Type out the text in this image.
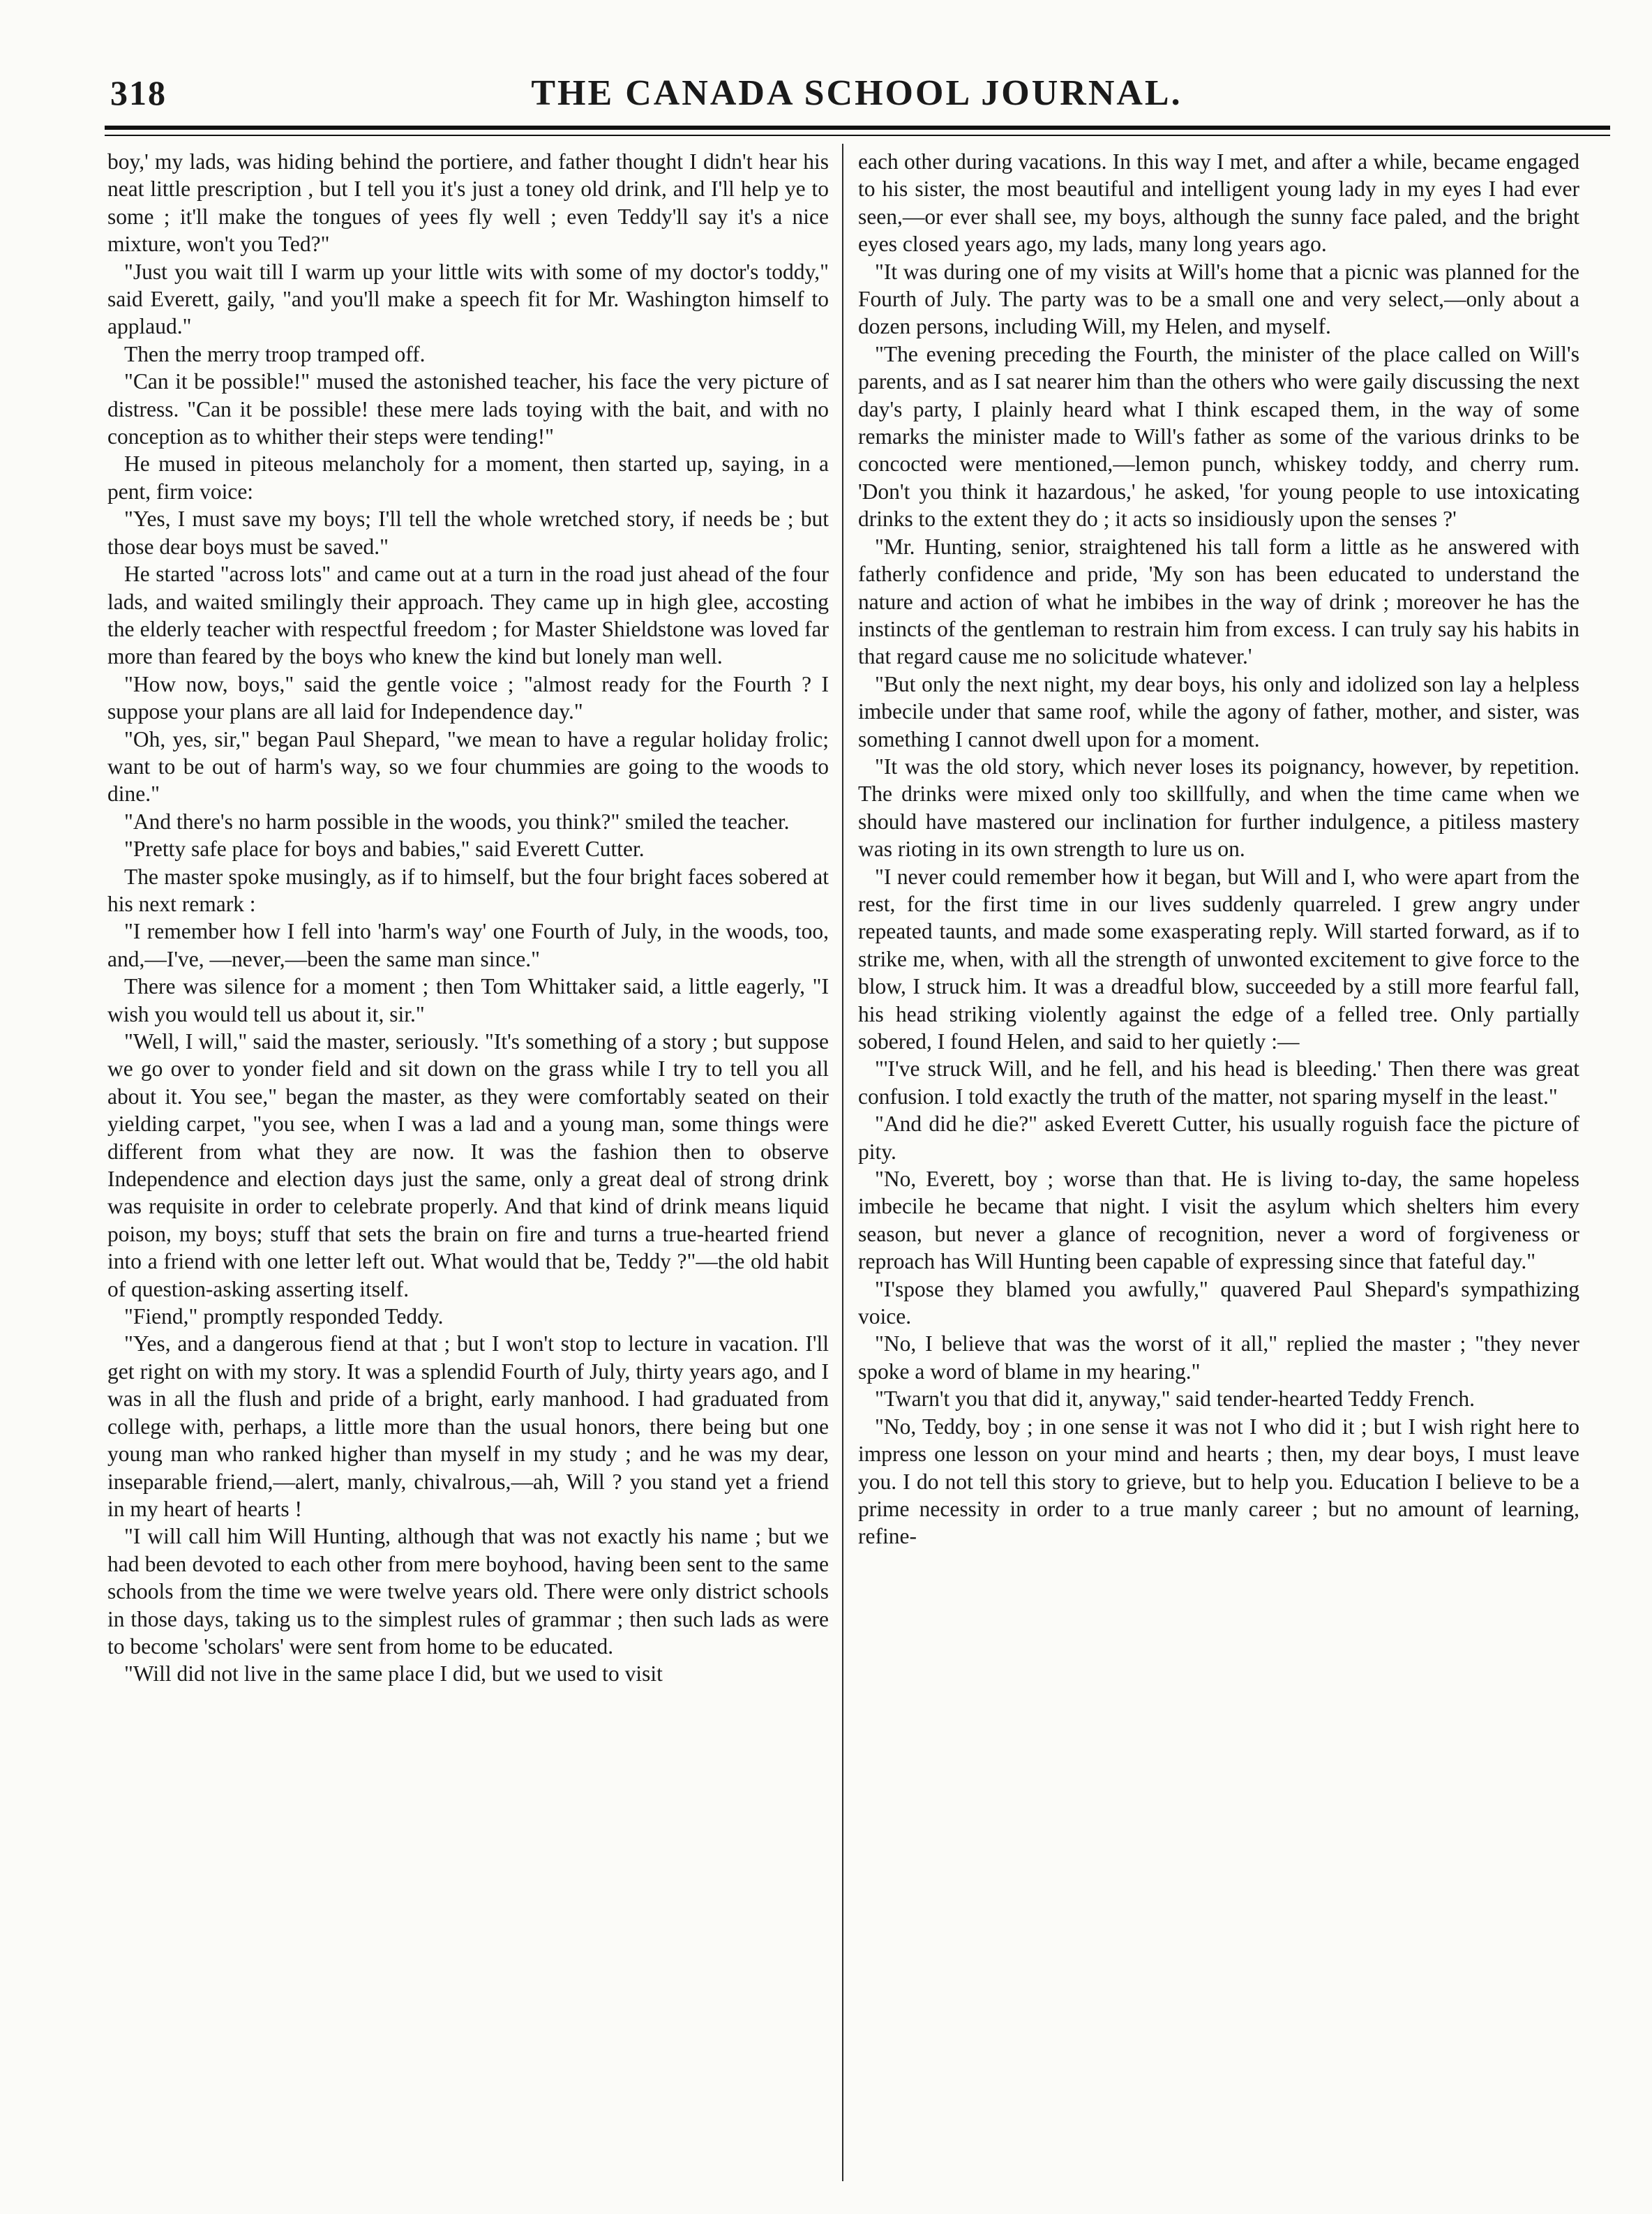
318	THE CANADA SCHOOL JOURNAL.

boy,' my lads, was hiding behind the portiere, and father thought I didn't hear his neat little prescription , but I tell you it's just a toney old drink, and I'll help ye to some ; it'll make the tongues of yees fly well ; even Teddy'll say it's a nice mixture, won't you Ted?"

"Just you wait till I warm up your little wits with some of my doctor's toddy," said Everett, gaily, "and you'll make a speech fit for Mr. Washington himself to applaud."

Then the merry troop tramped off.

"Can it be possible!" mused the astonished teacher, his face the very picture of distress. "Can it be possible! these mere lads toying with the bait, and with no conception as to whither their steps were tending!"

He mused in piteous melancholy for a moment, then started up, saying, in a pent, firm voice:

"Yes, I must save my boys; I'll tell the whole wretched story, if needs be ; but those dear boys must be saved."

He started "across lots" and came out at a turn in the road just ahead of the four lads, and waited smilingly their approach. They came up in high glee, accosting the elderly teacher with respectful freedom ; for Master Shieldstone was loved far more than feared by the boys who knew the kind but lonely man well.

"How now, boys," said the gentle voice ; "almost ready for the Fourth ? I suppose your plans are all laid for Independence day."

"Oh, yes, sir," began Paul Shepard, "we mean to have a regular holiday frolic; want to be out of harm's way, so we four chummies are going to the woods to dine."

"And there's no harm possible in the woods, you think?" smiled the teacher.

"Pretty safe place for boys and babies," said Everett Cutter.

The master spoke musingly, as if to himself, but the four bright faces sobered at his next remark :

"I remember how I fell into 'harm's way' one Fourth of July, in the woods, too, and,—I've, —never,—been the same man since."

There was silence for a moment ; then Tom Whittaker said, a little eagerly, "I wish you would tell us about it, sir."

"Well, I will," said the master, seriously. "It's something of a story ; but suppose we go over to yonder field and sit down on the grass while I try to tell you all about it. You see," began the master, as they were comfortably seated on their yielding carpet, "you see, when I was a lad and a young man, some things were different from what they are now. It was the fashion then to observe Independence and election days just the same, only a great deal of strong drink was requisite in order to celebrate properly. And that kind of drink means liquid poison, my boys; stuff that sets the brain on fire and turns a true-hearted friend into a friend with one letter left out. What would that be, Teddy ?"—the old habit of question-asking asserting itself.

"Fiend," promptly responded Teddy.

"Yes, and a dangerous fiend at that ; but I won't stop to lecture in vacation. I'll get right on with my story. It was a splendid Fourth of July, thirty years ago, and I was in all the flush and pride of a bright, early manhood. I had graduated from college with, perhaps, a little more than the usual honors, there being but one young man who ranked higher than myself in my study ; and he was my dear, inseparable friend,—alert, manly, chivalrous,—ah, Will ? you stand yet a friend in my heart of hearts !

"I will call him Will Hunting, although that was not exactly his name ; but we had been devoted to each other from mere boyhood, having been sent to the same schools from the time we were twelve years old. There were only district schools in those days, taking us to the simplest rules of grammar ; then such lads as were to become 'scholars' were sent from home to be educated.

"Will did not live in the same place I did, but we used to visit

each other during vacations. In this way I met, and after a while, became engaged to his sister, the most beautiful and intelligent young lady in my eyes I had ever seen,—or ever shall see, my boys, although the sunny face paled, and the bright eyes closed years ago, my lads, many long years ago.

"It was during one of my visits at Will's home that a picnic was planned for the Fourth of July. The party was to be a small one and very select,—only about a dozen persons, including Will, my Helen, and myself.

"The evening preceding the Fourth, the minister of the place called on Will's parents, and as I sat nearer him than the others who were gaily discussing the next day's party, I plainly heard what I think escaped them, in the way of some remarks the minister made to Will's father as some of the various drinks to be concocted were mentioned,—lemon punch, whiskey toddy, and cherry rum. 'Don't you think it hazardous,' he asked, 'for young people to use intoxicating drinks to the extent they do ; it acts so insidiously upon the senses ?'

"Mr. Hunting, senior, straightened his tall form a little as he answered with fatherly confidence and pride, 'My son has been educated to understand the nature and action of what he imbibes in the way of drink ; moreover he has the instincts of the gentleman to restrain him from excess. I can truly say his habits in that regard cause me no solicitude whatever.'

"But only the next night, my dear boys, his only and idolized son lay a helpless imbecile under that same roof, while the agony of father, mother, and sister, was something I cannot dwell upon for a moment.

"It was the old story, which never loses its poignancy, however, by repetition. The drinks were mixed only too skillfully, and when the time came when we should have mastered our inclination for further indulgence, a pitiless mastery was rioting in its own strength to lure us on.

"I never could remember how it began, but Will and I, who were apart from the rest, for the first time in our lives suddenly quarreled. I grew angry under repeated taunts, and made some exasperating reply. Will started forward, as if to strike me, when, with all the strength of unwonted excitement to give force to the blow, I struck him. It was a dreadful blow, succeeded by a still more fearful fall, his head striking violently against the edge of a felled tree. Only partially sobered, I found Helen, and said to her quietly :—

"'I've struck Will, and he fell, and his head is bleeding.' Then there was great confusion. I told exactly the truth of the matter, not sparing myself in the least."

"And did he die?" asked Everett Cutter, his usually roguish face the picture of pity.

"No, Everett, boy ; worse than that. He is living to-day, the same hopeless imbecile he became that night. I visit the asylum which shelters him every season, but never a glance of recognition, never a word of forgiveness or reproach has Will Hunting been capable of expressing since that fateful day."

"I'spose they blamed you awfully," quavered Paul Shepard's sympathizing voice.

"No, I believe that was the worst of it all," replied the master ; "they never spoke a word of blame in my hearing."

"Twarn't you that did it, anyway," said tender-hearted Teddy French.

"No, Teddy, boy ; in one sense it was not I who did it ; but I wish right here to impress one lesson on your mind and hearts ; then, my dear boys, I must leave you. I do not tell this story to grieve, but to help you. Education I believe to be a prime necessity in order to a true manly career ; but no amount of learning, refine-
